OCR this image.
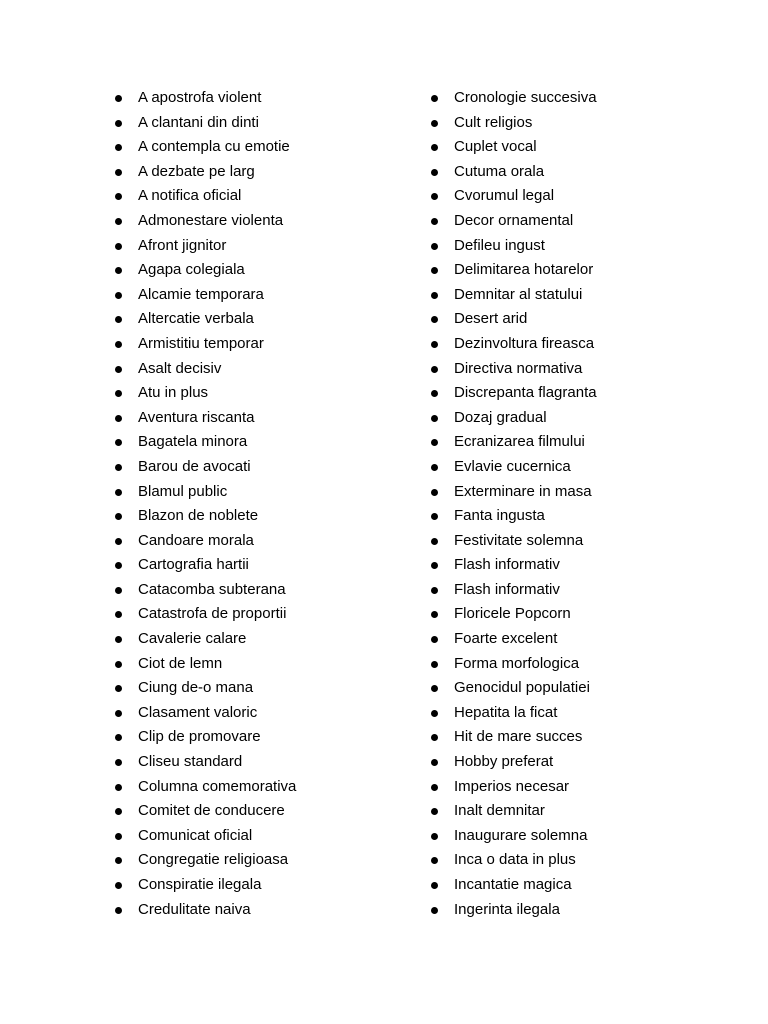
A apostrofa violent
A clantani din dinti
A contempla cu emotie
A dezbate pe larg
A notifica oficial
Admonestare violenta
Afront jignitor
Agapa colegiala
Alcamie temporara
Altercatie verbala
Armistitiu temporar
Asalt decisiv
Atu in plus
Aventura riscanta
Bagatela minora
Barou de avocati
Blamul public
Blazon de noblete
Candoare morala
Cartografia hartii
Catacomba subterana
Catastrofa de proportii
Cavalerie calare
Ciot de lemn
Ciung de-o mana
Clasament valoric
Clip de promovare
Cliseu standard
Columna comemorativa
Comitet de conducere
Comunicat oficial
Congregatie religioasa
Conspiratie ilegala
Credulitate naiva
Cronologie succesiva
Cult religios
Cuplet vocal
Cutuma orala
Cvorumul legal
Decor ornamental
Defileu ingust
Delimitarea hotarelor
Demnitar al statului
Desert arid
Dezinvoltura fireasca
Directiva normativa
Discrepanta flagranta
Dozaj gradual
Ecranizarea filmului
Evlavie cucernica
Exterminare in masa
Fanta ingusta
Festivitate solemna
Flash informativ
Flash informativ
Floricele Popcorn
Foarte excelent
Forma morfologica
Genocidul populatiei
Hepatita la ficat
Hit de mare succes
Hobby preferat
Imperios necesar
Inalt demnitar
Inaugurare solemna
Inca o data in plus
Incantatie magica
Ingerinta ilegala
